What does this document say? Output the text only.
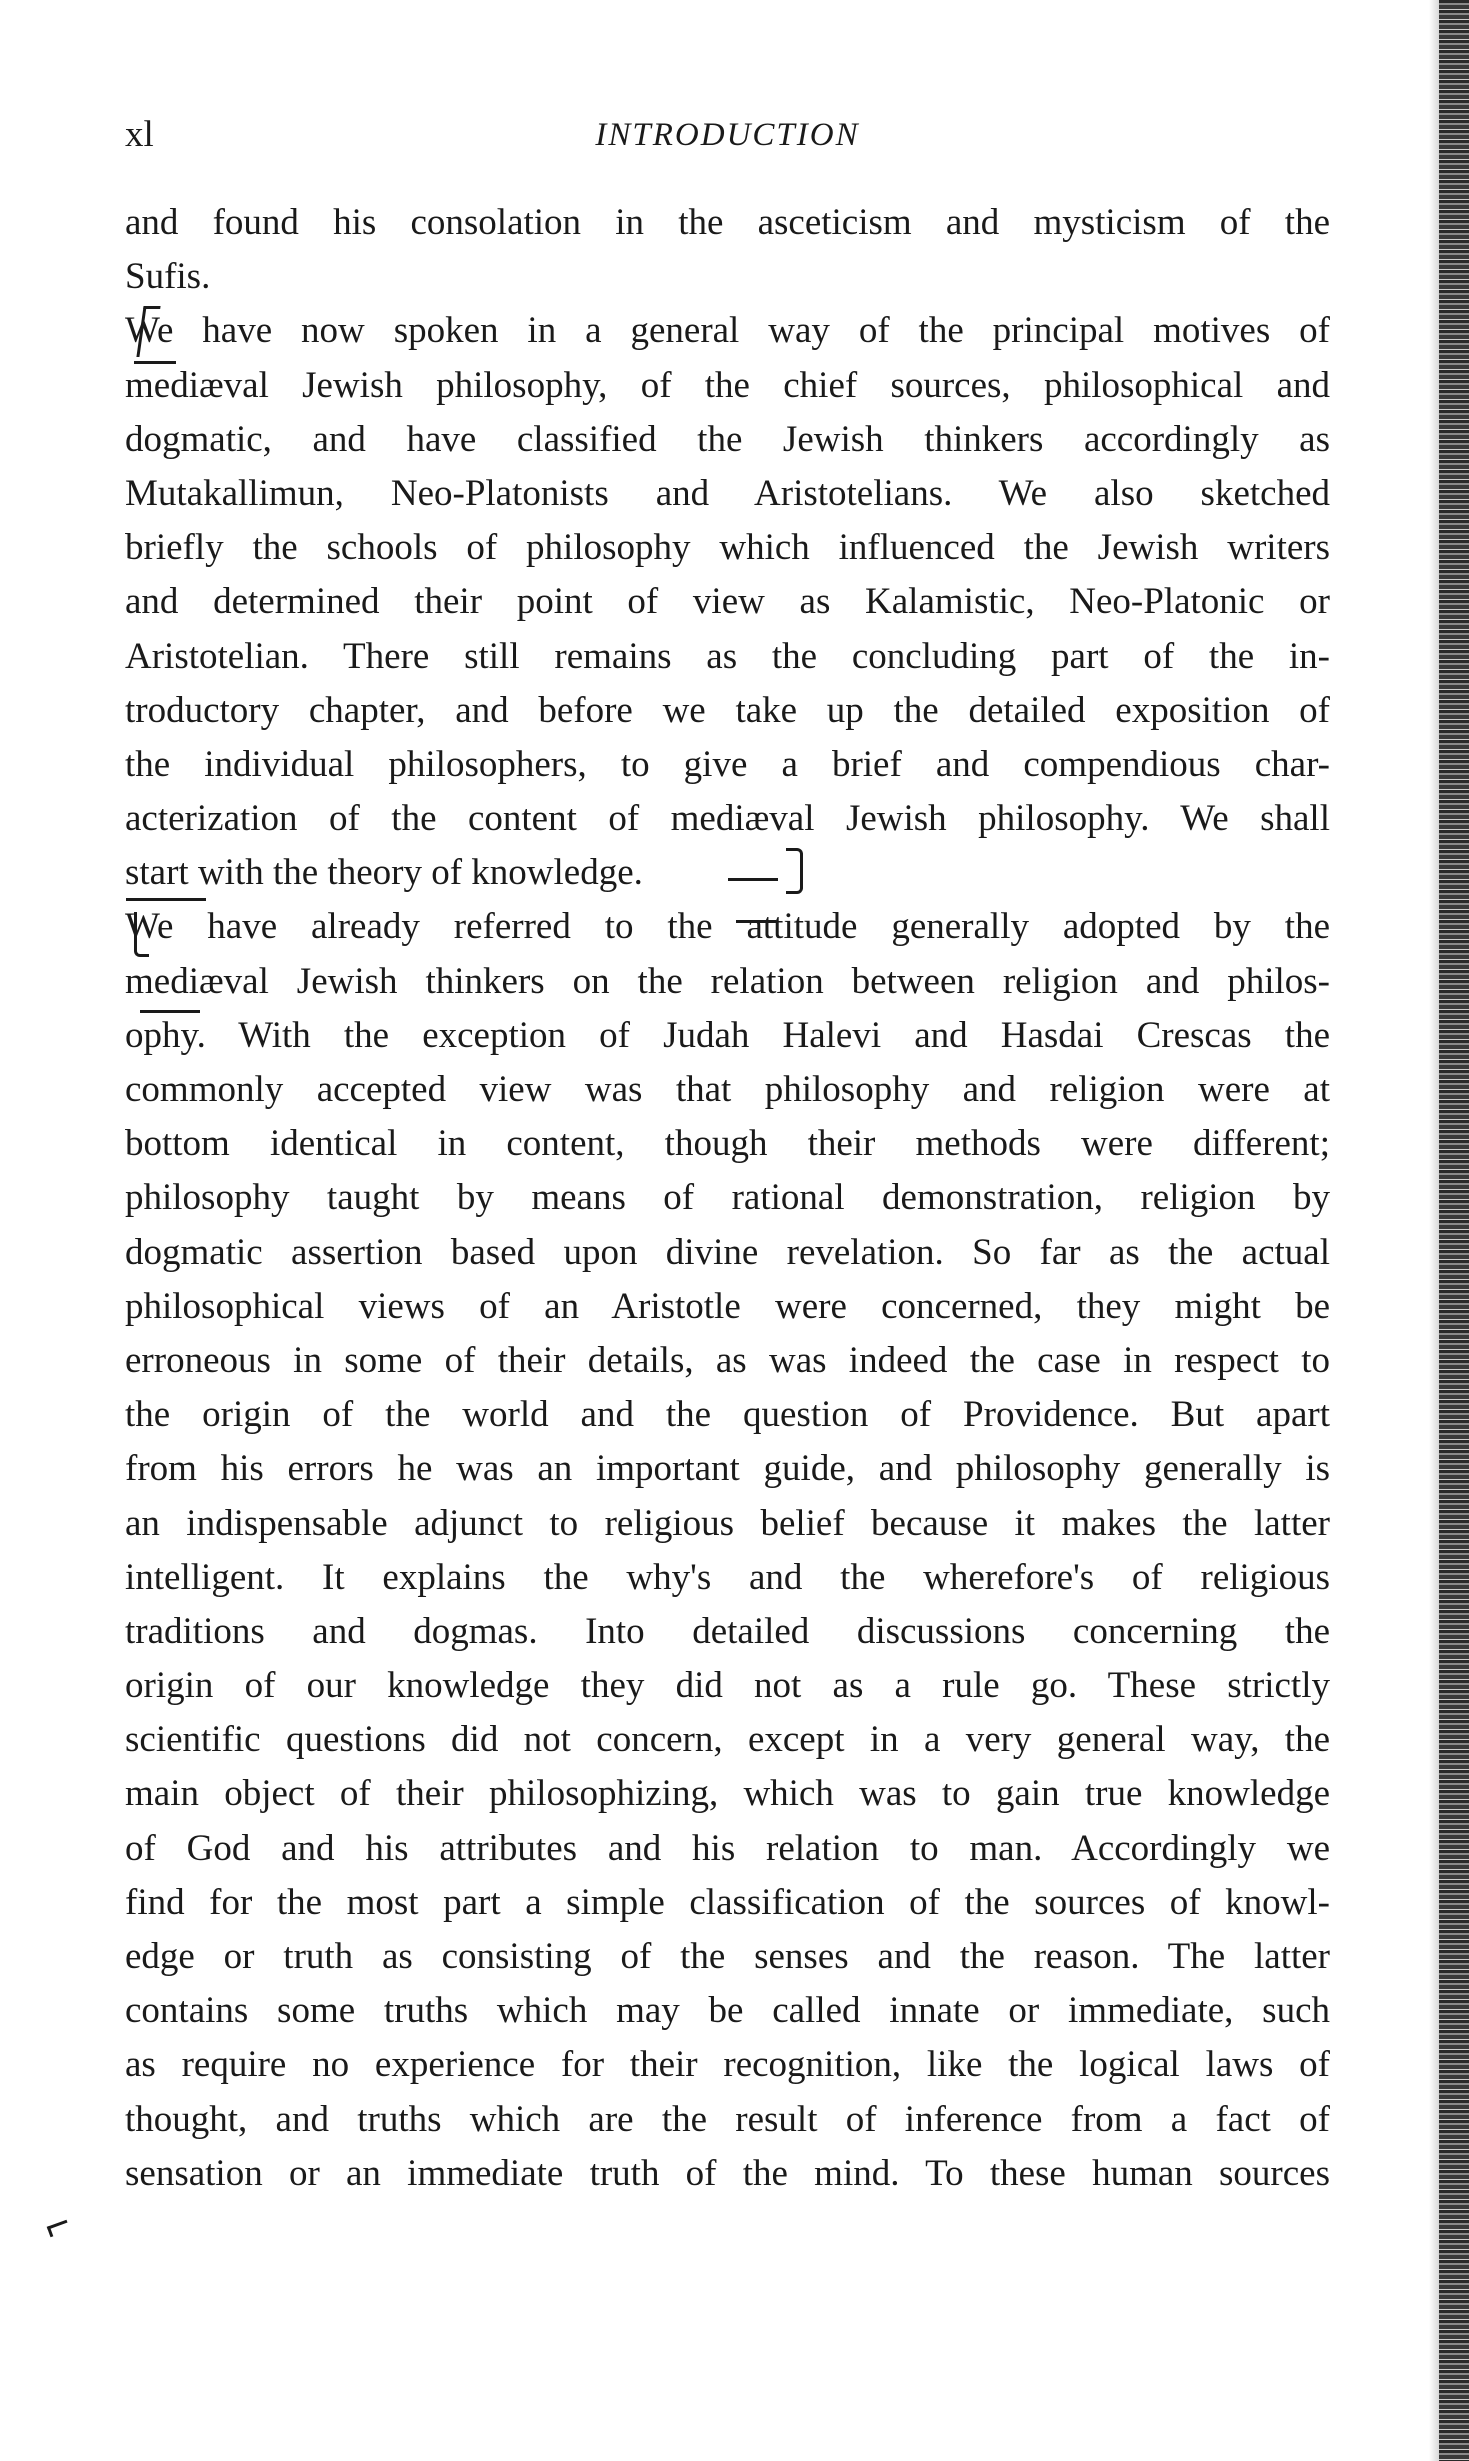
xl	INTRODUCTION
and found his consolation in the asceticism and mysticism of the
Sufis.
We have now spoken in a general way of the principal motives of
mediæval Jewish philosophy, of the chief sources, philosophical and
dogmatic, and have classified the Jewish thinkers accordingly as
Mutakallimun, Neo-Platonists and Aristotelians. We also sketched
briefly the schools of philosophy which influenced the Jewish writers
and determined their point of view as Kalamistic, Neo-Platonic or
Aristotelian. There still remains as the concluding part of the in-
troductory chapter, and before we take up the detailed exposition of
the individual philosophers, to give a brief and compendious char-
acterization of the content of mediæval Jewish philosophy. We shall
start with the theory of knowledge.
We have already referred to the attitude generally adopted by the
mediæval Jewish thinkers on the relation between religion and philos-
ophy. With the exception of Judah Halevi and Hasdai Crescas the
commonly accepted view was that philosophy and religion were at
bottom identical in content, though their methods were different;
philosophy taught by means of rational demonstration, religion by
dogmatic assertion based upon divine revelation. So far as the actual
philosophical views of an Aristotle were concerned, they might be
erroneous in some of their details, as was indeed the case in respect to
the origin of the world and the question of Providence. But apart
from his errors he was an important guide, and philosophy generally is
an indispensable adjunct to religious belief because it makes the latter
intelligent. It explains the why's and the wherefore's of religious
traditions and dogmas. Into detailed discussions concerning the
origin of our knowledge they did not as a rule go. These strictly
scientific questions did not concern, except in a very general way, the
main object of their philosophizing, which was to gain true knowledge
of God and his attributes and his relation to man. Accordingly we
find for the most part a simple classification of the sources of knowl-
edge or truth as consisting of the senses and the reason. The latter
contains some truths which may be called innate or immediate, such
as require no experience for their recognition, like the logical laws of
thought, and truths which are the result of inference from a fact of
sensation or an immediate truth of the mind. To these human sources
